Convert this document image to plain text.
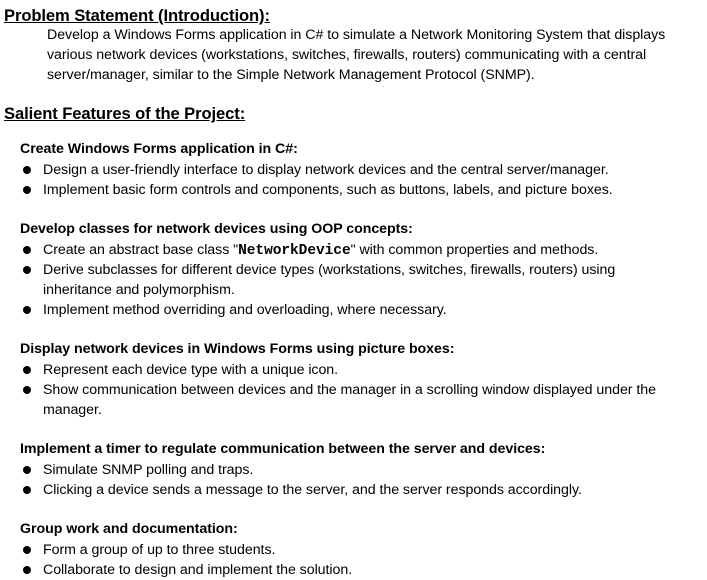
Problem Statement (Introduction):
Develop a Windows Forms application in C# to simulate a Network Monitoring System that displays various network devices (workstations, switches, firewalls, routers) communicating with a central server/manager, similar to the Simple Network Management Protocol (SNMP).
Salient Features of the Project:
Create Windows Forms application in C#:
Design a user-friendly interface to display network devices and the central server/manager.
Implement basic form controls and components, such as buttons, labels, and picture boxes.
Develop classes for network devices using OOP concepts:
Create an abstract base class "NetworkDevice" with common properties and methods.
Derive subclasses for different device types (workstations, switches, firewalls, routers) using inheritance and polymorphism.
Implement method overriding and overloading, where necessary.
Display network devices in Windows Forms using picture boxes:
Represent each device type with a unique icon.
Show communication between devices and the manager in a scrolling window displayed under the manager.
Implement a timer to regulate communication between the server and devices:
Simulate SNMP polling and traps.
Clicking a device sends a message to the server, and the server responds accordingly.
Group work and documentation:
Form a group of up to three students.
Collaborate to design and implement the solution.
